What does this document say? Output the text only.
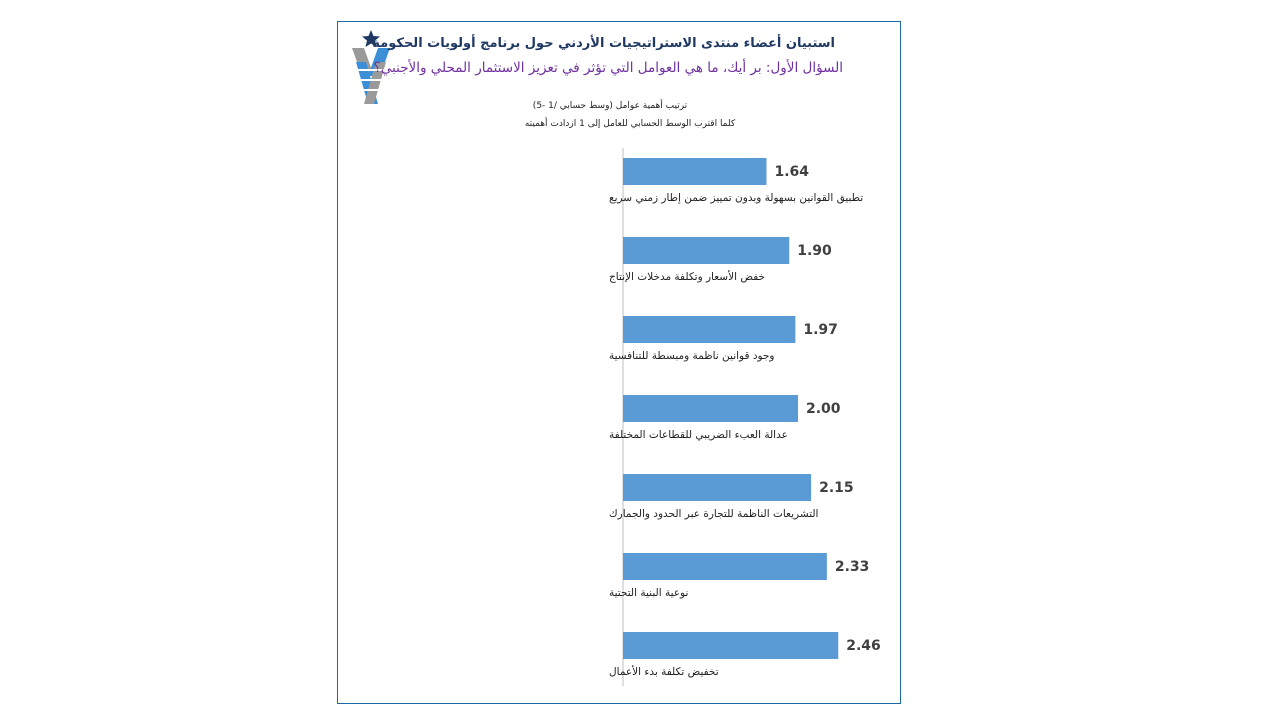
استبيان أعضاء منتدى الاستراتيجيات الأردني حول برنامج أولويات الحكومة
السؤال الأول: بر أيك، ما هي العوامل التي تؤثر في تعزيز الاستثمار المحلي والأجنبي؟
ترتيب أهمية عوامل (وسط حسابي /1 -5)
كلما اقترب الوسط الحسابي للعامل إلى 1 ازدادت أهميته
1.64
تطبيق القوانين بسهولة وبدون تمييز ضمن إطار زمني سريع
1.90
خفض الأسعار وتكلفة مدخلات الإنتاج
1.97
وجود قوانين ناظمة ومبسطة للتنافسية
2.00
عدالة العبء الضريبي للقطاعات المختلفة
2.15
التشريعات الناظمة للتجارة عبر الحدود والجمارك
2.33
نوعية البنية التحتية
2.46
تخفيض تكلفة بدء الأعمال
